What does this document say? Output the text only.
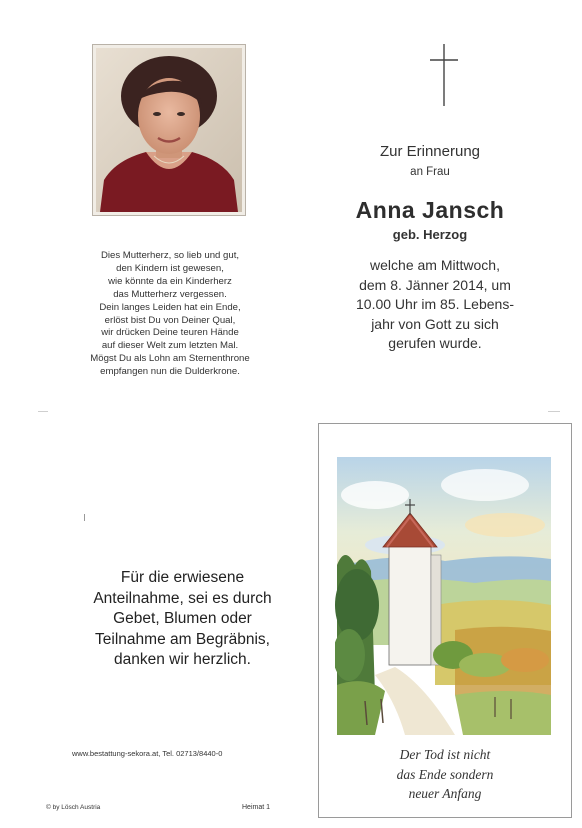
Dies Mutterherz, so lieb und gut,
den Kindern ist gewesen,
wie könnte da ein Kinderherz
das Mutterherz vergessen.
Dein langes Leiden hat ein Ende,
erlöst bist Du von Deiner Qual,
wir drücken Deine teuren Hände
auf dieser Welt zum letzten Mal.
Mögst Du als Lohn am Sternenthrone
empfangen nun die Dulderkrone.
Zur Erinnerung
an Frau
Anna Jansch
geb. Herzog
welche am Mittwoch,
dem 8. Jänner 2014, um
10.00 Uhr im 85. Lebens-
jahr von Gott zu sich
gerufen wurde.
Für die erwiesene
Anteilnahme, sei es durch
Gebet, Blumen oder
Teilnahme am Begräbnis,
danken wir herzlich.
www.bestattung-sekora.at, Tel. 02713/8440-0
© by Lösch Austria	Heimat 1
Der Tod ist nicht
das Ende sondern
neuer Anfang
